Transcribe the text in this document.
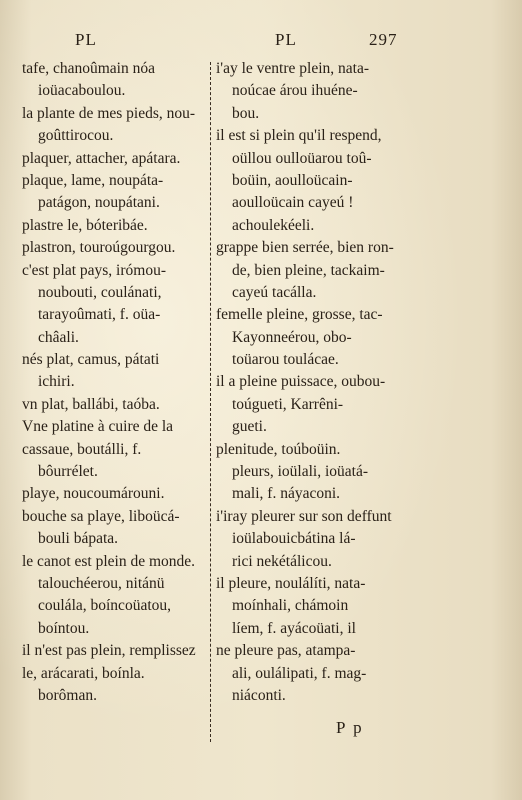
PL	PL	297
tafe, chanoûmain nóa
ioüacaboulou.
la plante de mes pieds, nou-
goûttirocou.
plaquer, attacher, apátara.
plaque, lame, noupáta-
patágon, noupátani.
plastre le, bóteribáe.
plastron, touroúgourgou.
c'est plat pays, irómou-
noubouti, coulánati,
tarayoûmati, f. oüa-
châali.
nés plat, camus, pátati
ichiri.
vn plat, ballábi, taóba.
Vne platine à cuire de la
cassaue, boutálli, f.
bôurrélet.
playe, noucoumárouni.
bouche sa playe, liboücá-
bouli bápata.
le canot est plein de monde.
talouchéerou, nitánü
coulála, boíncoüatou,
boíntou.
il n'est pas plein, remplissez
le, arácarati, boínla.
borôman.
i'ay le ventre plein, nata-
noúcae árou ihuéne-
bou.
il est si plein qu'il respend,
oüllou oulloüarou toû-
boüin, aoulloücain-
aoulloücain cayeú !
achoulekéeli.
grappe bien serrée, bien ron-
de, bien pleine, tackaim-
cayeú tacálla.
femelle pleine, grosse, tac-
Kayonneérou, obo-
toüarou toulácae.
il a pleine puissace, oubou-
toúgueti, Karrêni-
gueti.
plenitude, toúboüin.
pleurs, ioülali, ioüatá-
mali, f. náyaconi.
i'iray pleurer sur son deffunt
ioülabouicbátina lá-
rici nekétálicou.
il pleure, noulálíti, nata-
moínhali, chámoin
líem, f. ayácoüati, il
ne pleure pas, atampa-
ali, oulálipati, f. mag-
niáconti.
P p
